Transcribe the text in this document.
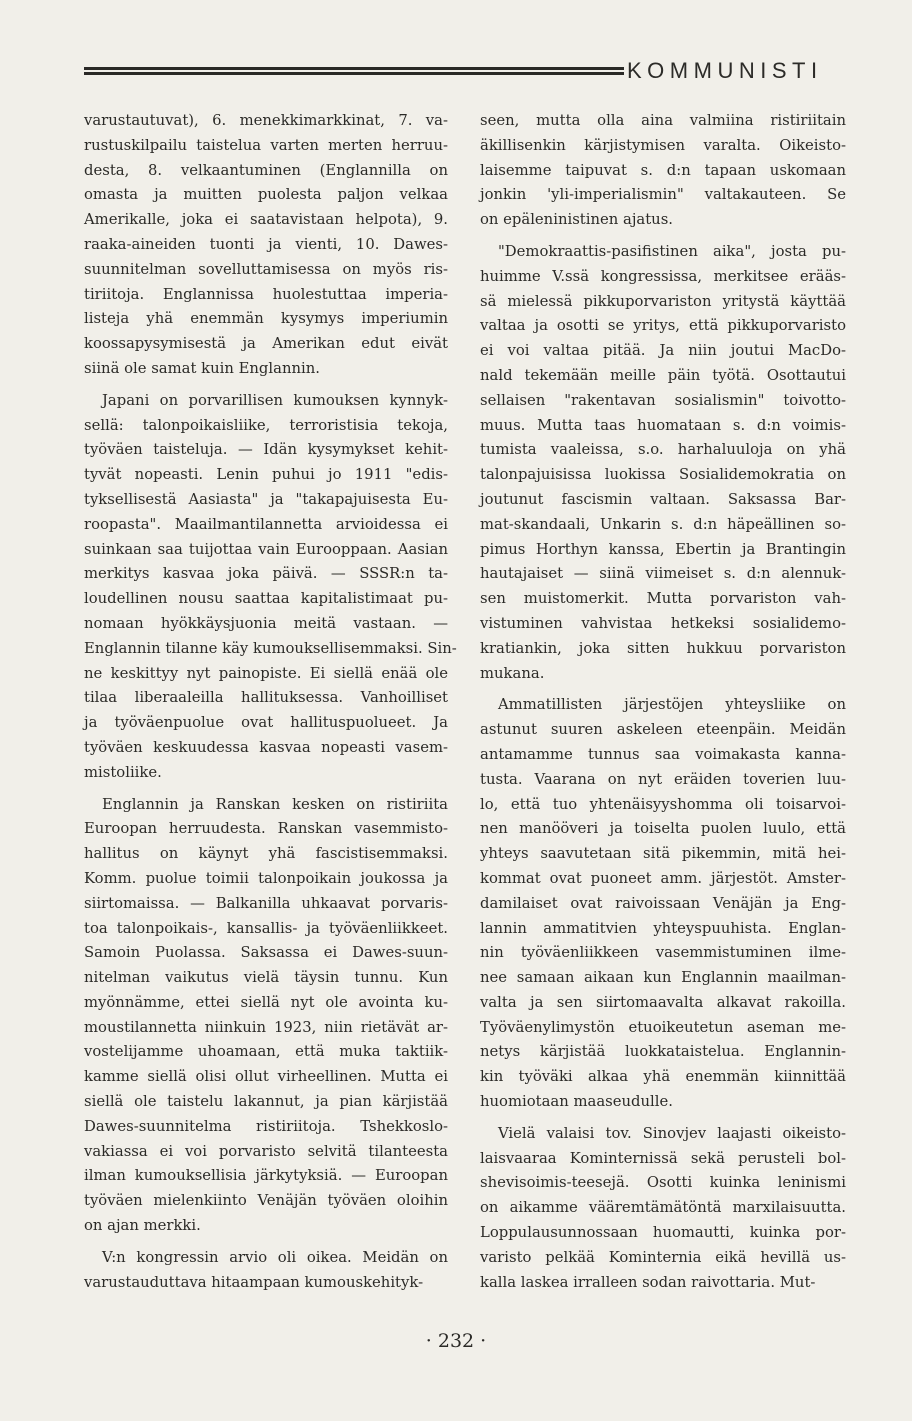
KOMMUNISTI
varustautuvat), 6. menekkimarkkinat, 7. va-
rustuskilpailu taistelua varten merten herruu-
desta, 8. velkaantuminen (Englannilla on
omasta ja muitten puolesta paljon velkaa
Amerikalle, joka ei saatavistaan helpota), 9.
raaka-aineiden tuonti ja vienti, 10. Dawes-
suunnitelman sovelluttamisessa on myös ris-
tiriitoja. Englannissa huolestuttaa imperia-
listeja yhä enemmän kysymys imperiumin
koossapysymisestä ja Amerikan edut eivät
siinä ole samat kuin Englannin.
Japani on porvarillisen kumouksen kynnyk-
sellä: talonpoikaisliike, terroristisia tekoja,
työväen taisteluja. — Idän kysymykset kehit-
tyvät nopeasti. Lenin puhui jo 1911 "edis-
tyksellisestä Aasiasta" ja "takapajuisesta Eu-
roopasta". Maailmantilannetta arvioidessa ei
suinkaan saa tuijottaa vain Eurooppaan. Aasian
merkitys kasvaa joka päivä. — SSSR:n ta-
loudellinen nousu saattaa kapitalistimaat pu-
nomaan hyökkäysjuonia meitä vastaan. —
Englannin tilanne käy kumouksellisemmaksi. Sin-
ne keskittyy nyt painopiste. Ei siellä enää ole
tilaa liberaaleilla hallituksessa. Vanhoilliset
ja työväenpuolue ovat hallituspuolueet. Ja
työväen keskuudessa kasvaa nopeasti vasem-
mistoliike.
Englannin ja Ranskan kesken on ristiriita
Euroopan herruudesta. Ranskan vasemmisto-
hallitus on käynyt yhä fascistisemmaksi.
Komm. puolue toimii talonpoikain joukossa ja
siirtomaissa. — Balkanilla uhkaavat porvaris-
toa talonpoikais-, kansallis- ja työväenliikkeet.
Samoin Puolassa. Saksassa ei Dawes-suun-
nitelman vaikutus vielä täysin tunnu. Kun
myönnämme, ettei siellä nyt ole avointa ku-
moustilannetta niinkuin 1923, niin rietävät ar-
vostelijamme uhoamaan, että muka taktiik-
kamme siellä olisi ollut virheellinen. Mutta ei
siellä ole taistelu lakannut, ja pian kärjistää
Dawes-suunnitelma ristiriitoja. Tshekkoslo-
vakiassa ei voi porvaristo selvitä tilanteesta
ilman kumouksellisia järkytyksiä. — Euroopan
työväen mielenkiinto Venäjän työväen oloihin
on ajan merkki.
V:n kongressin arvio oli oikea. Meidän on
varustauduttava hitaampaan kumouskehityk-
seen, mutta olla aina valmiina ristiriitain
äkillisenkin kärjistymisen varalta. Oikeisto-
laisemme taipuvat s. d:n tapaan uskomaan
jonkin 'yli-imperialismin" valtakauteen. Se
on epäleninistinen ajatus.
"Demokraattis-pasifistinen aika", josta pu-
huimme V.ssä kongressissa, merkitsee erääs-
sä mielessä pikkuporvariston yritystä käyttää
valtaa ja osotti se yritys, että pikkuporvaristo
ei voi valtaa pitää. Ja niin joutui MacDo-
nald tekemään meille päin työtä. Osottautui
sellaisen "rakentavan sosialismin" toivotto-
muus. Mutta taas huomataan s. d:n voimis-
tumista vaaleissa, s.o. harhaluuloja on yhä
talonpajuisissa luokissa Sosialidemokratia on
joutunut fascismin valtaan. Saksassa Bar-
mat-skandaali, Unkarin s. d:n häpeällinen so-
pimus Horthyn kanssa, Ebertin ja Brantingin
hautajaiset — siinä viimeiset s. d:n alennuk-
sen muistomerkit. Mutta porvariston vah-
vistuminen vahvistaa hetkeksi sosialidemo-
kratiankin, joka sitten hukkuu porvariston
mukana.
Ammatillisten järjestöjen yhteysliike on
astunut suuren askeleen eteenpäin. Meidän
antamamme tunnus saa voimakasta kanna-
tusta. Vaarana on nyt eräiden toverien luu-
lo, että tuo yhtenäisyyshomma oli toisarvoi-
nen manööveri ja toiselta puolen luulo, että
yhteys saavutetaan sitä pikemmin, mitä hei-
kommat ovat puoneet amm. järjestöt. Amster-
damilaiset ovat raivoissaan Venäjän ja Eng-
lannin ammatitvien yhteyspuuhista. Englan-
nin työväenliikkeen vasemmistuminen ilme-
nee samaan aikaan kun Englannin maailman-
valta ja sen siirtomaavalta alkavat rakoilla.
Työväenylimystön etuoikeutetun aseman me-
netys kärjistää luokkataistelua. Englannin-
kin työväki alkaa yhä enemmän kiinnittää
huomiotaan maaseudulle.
Vielä valaisi tov. Sinovjev laajasti oikeisto-
laisvaaraa Kominternissä sekä perusteli bol-
shevisoimis-teesejä. Osotti kuinka leninismi
on aikamme vääremtämätöntä marxilaisuutta.
Loppulausunnossaan huomautti, kuinka por-
varisto pelkää Kominternia eikä hevillä us-
kalla laskea irralleen sodan raivottaria. Mut-
· 232 ·
